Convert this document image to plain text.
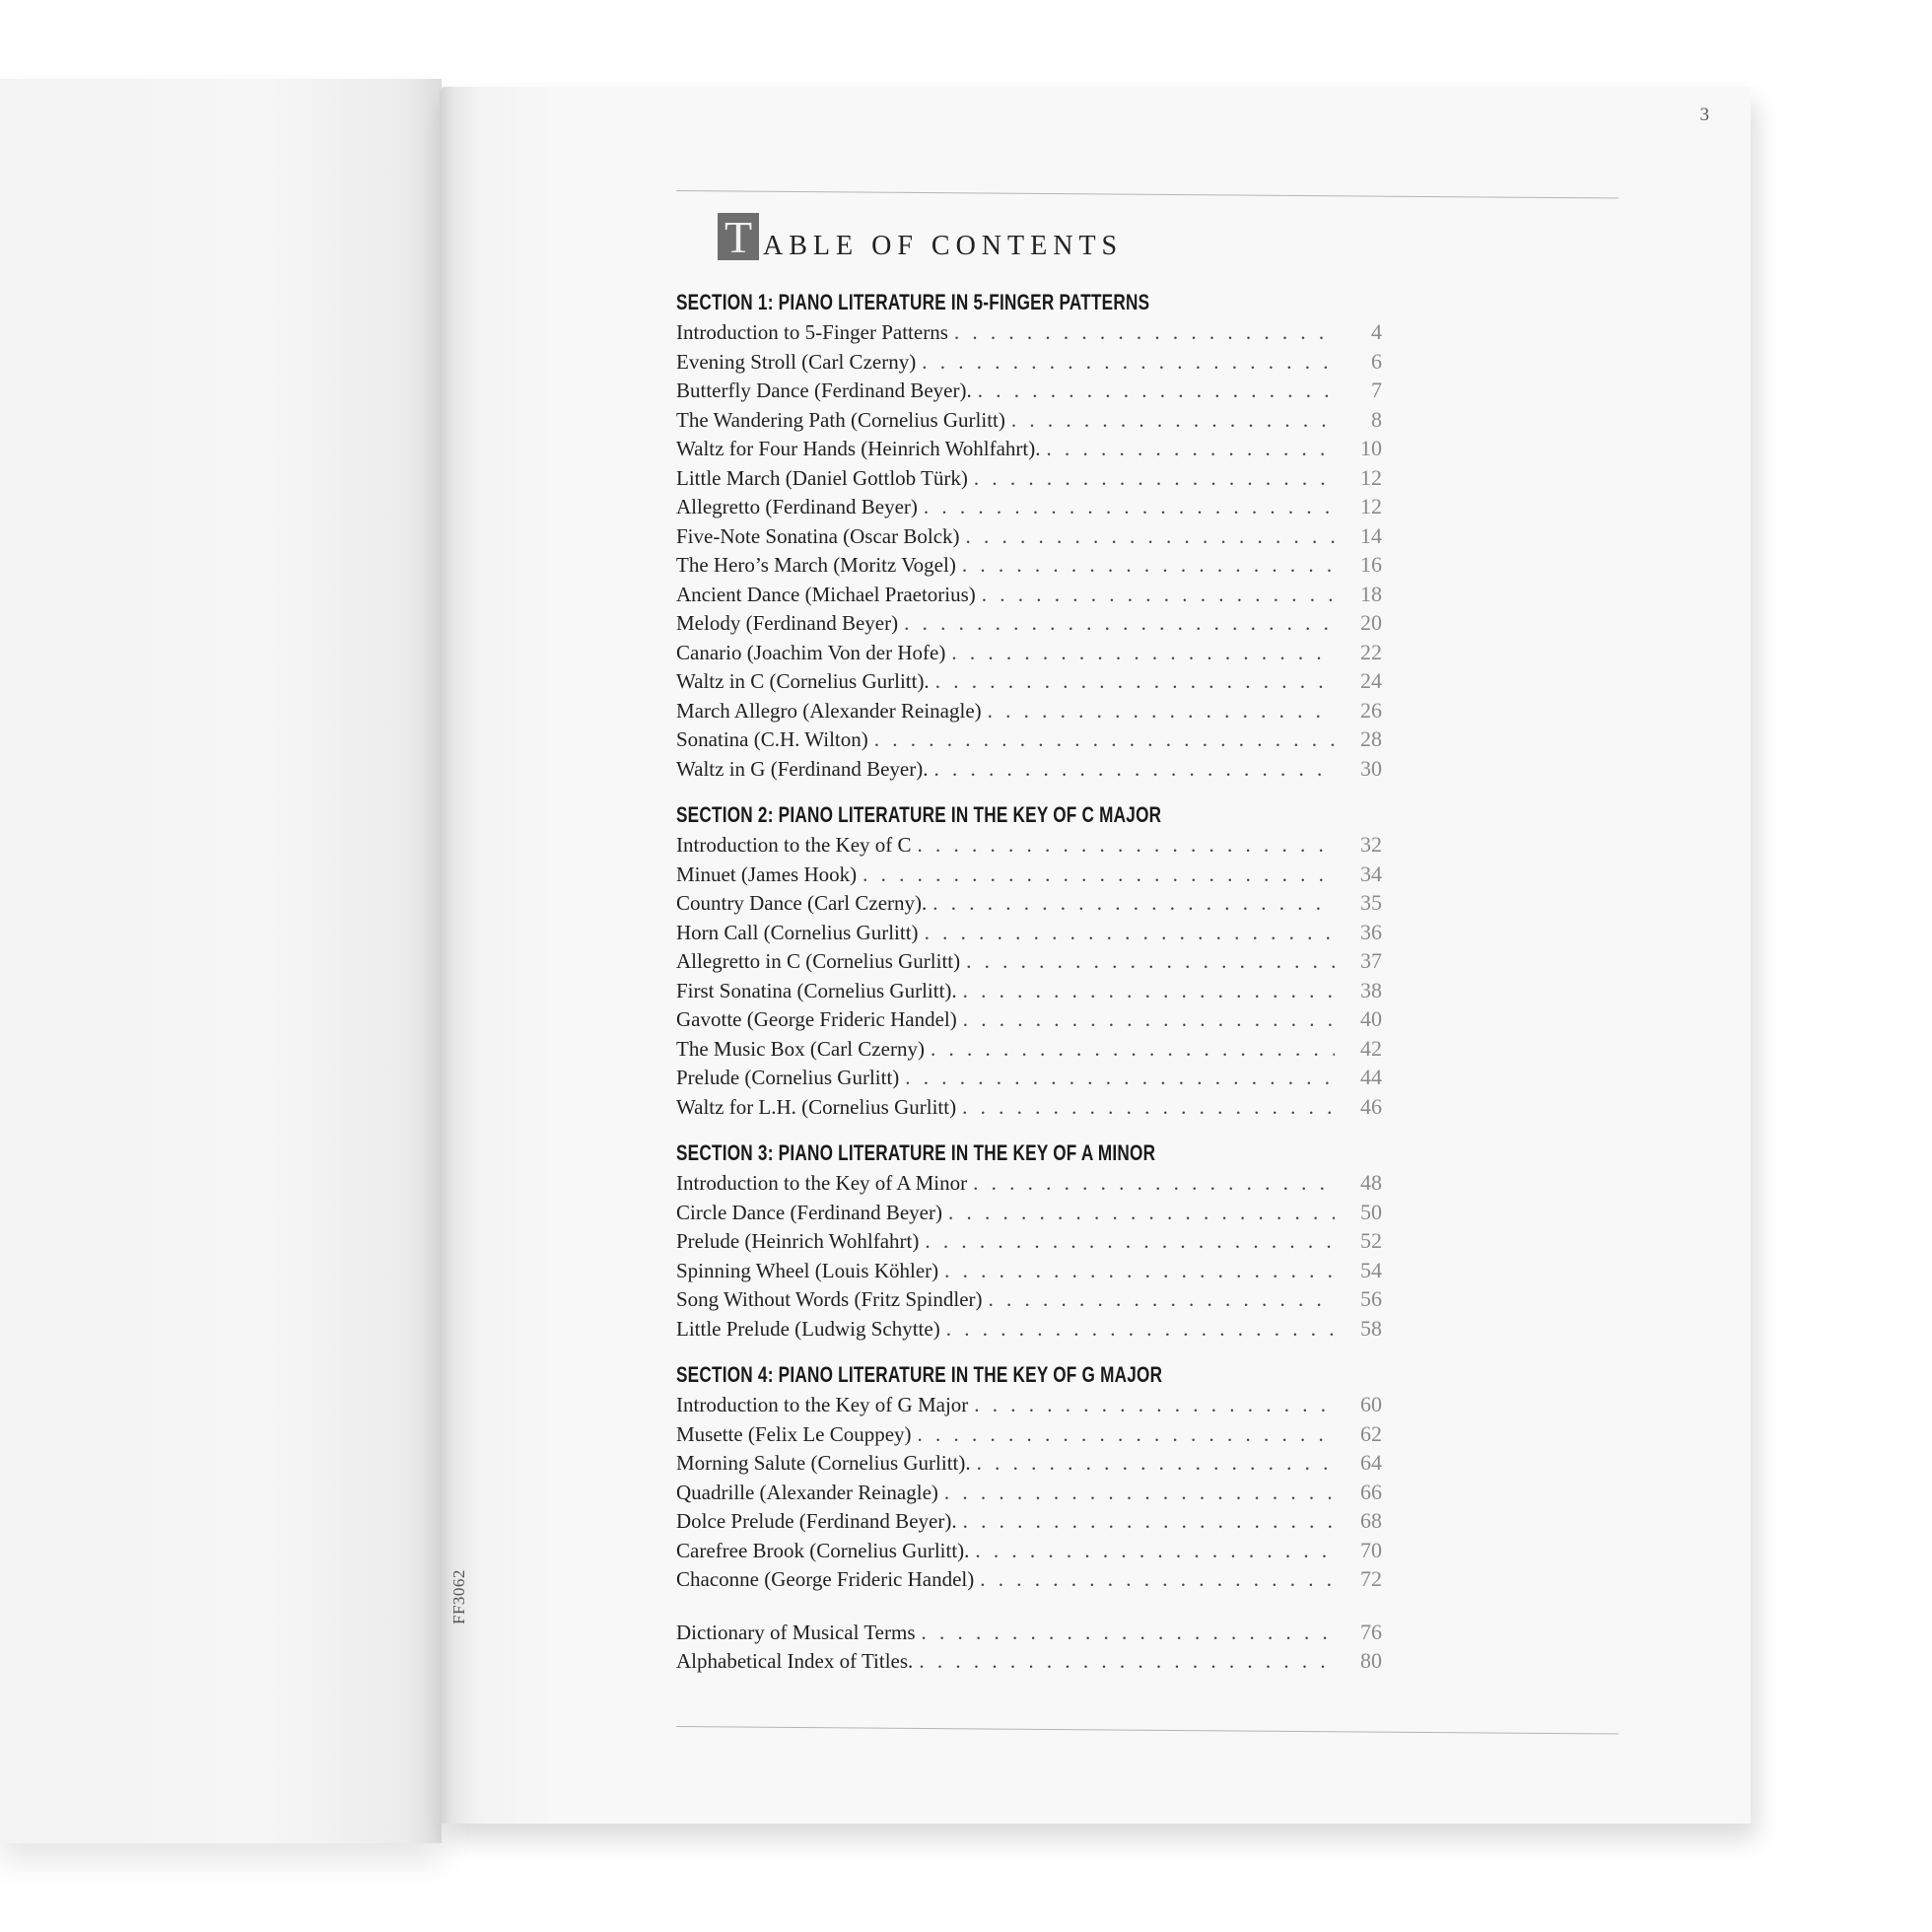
3
FF3062
T ABLE OF CONTENTS
SECTION 1: PIANO LITERATURE IN 5-FINGER PATTERNS
Introduction to 5-Finger Patterns . . .	4
Evening Stroll (Carl Czerny) . . .	6
Butterfly Dance (Ferdinand Beyer). . . .	7
The Wandering Path (Cornelius Gurlitt) . . .	8
Waltz for Four Hands (Heinrich Wohlfahrt). . . .	10
Little March (Daniel Gottlob Türk) . . .	12
Allegretto (Ferdinand Beyer) . . .	12
Five-Note Sonatina (Oscar Bolck) . . .	14
The Hero’s March (Moritz Vogel) . . .	16
Ancient Dance (Michael Praetorius) . . .	18
Melody (Ferdinand Beyer) . . .	20
Canario (Joachim Von der Hofe) . . .	22
Waltz in C (Cornelius Gurlitt). . . .	24
March Allegro (Alexander Reinagle) . . .	26
Sonatina (C.H. Wilton) . . .	28
Waltz in G (Ferdinand Beyer). . . .	30
SECTION 2: PIANO LITERATURE IN THE KEY OF C MAJOR
Introduction to the Key of C . . .	32
Minuet (James Hook) . . .	34
Country Dance (Carl Czerny). . . .	35
Horn Call (Cornelius Gurlitt) . . .	36
Allegretto in C (Cornelius Gurlitt) . . .	37
First Sonatina (Cornelius Gurlitt). . . .	38
Gavotte (George Frideric Handel) . . .	40
The Music Box (Carl Czerny) . . .	42
Prelude (Cornelius Gurlitt) . . .	44
Waltz for L.H. (Cornelius Gurlitt) . . .	46
SECTION 3: PIANO LITERATURE IN THE KEY OF A MINOR
Introduction to the Key of A Minor . . .	48
Circle Dance (Ferdinand Beyer) . . .	50
Prelude (Heinrich Wohlfahrt) . . .	52
Spinning Wheel (Louis Köhler) . . .	54
Song Without Words (Fritz Spindler) . . .	56
Little Prelude (Ludwig Schytte) . . .	58
SECTION 4: PIANO LITERATURE IN THE KEY OF G MAJOR
Introduction to the Key of G Major . . .	60
Musette (Felix Le Couppey) . . .	62
Morning Salute (Cornelius Gurlitt). . . .	64
Quadrille (Alexander Reinagle) . . .	66
Dolce Prelude (Ferdinand Beyer). . . .	68
Carefree Brook (Cornelius Gurlitt). . . .	70
Chaconne (George Frideric Handel) . . .	72
Dictionary of Musical Terms . . .	76
Alphabetical Index of Titles. . . .	80
